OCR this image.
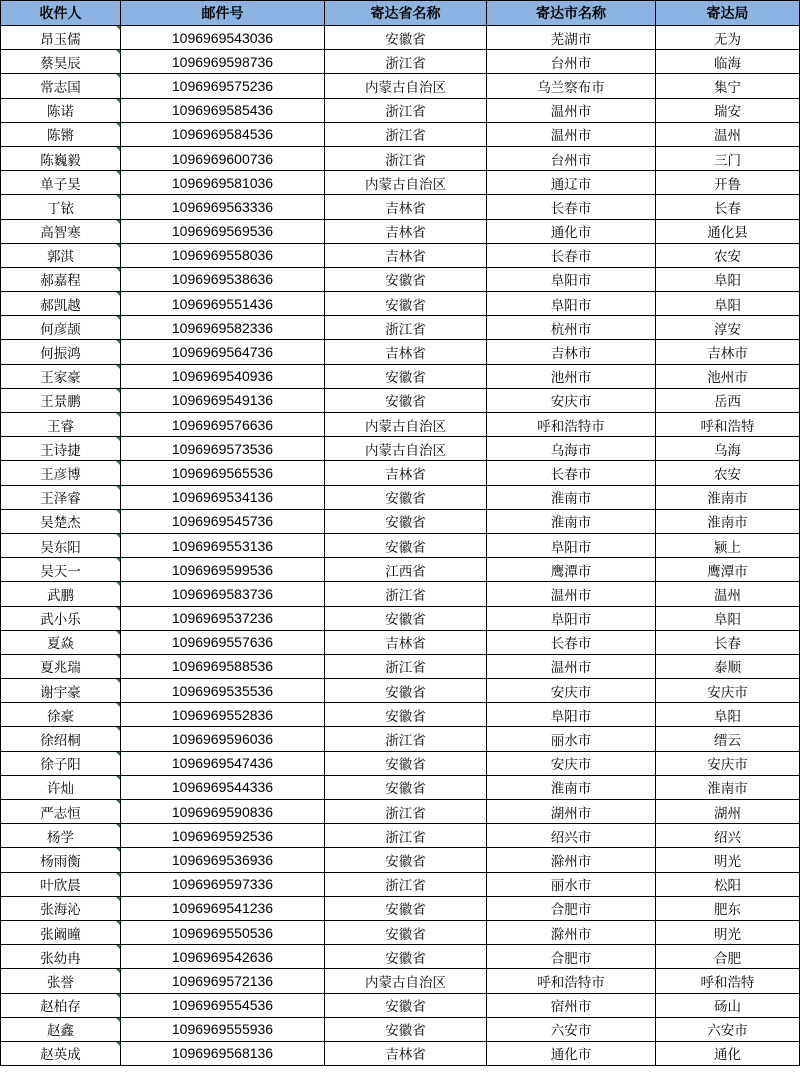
收件人	邮件号	寄达省名称	寄达市名称	寄达局
昂玉儒	1096969543036	安徽省	芜湖市	无为
蔡昊辰	1096969598736	浙江省	台州市	临海
常志国	1096969575236	内蒙古自治区	乌兰察布市	集宁
陈诺	1096969585436	浙江省	温州市	瑞安
陈锵	1096969584536	浙江省	温州市	温州
陈巍毅	1096969600736	浙江省	台州市	三门
单子昊	1096969581036	内蒙古自治区	通辽市	开鲁
丁铱	1096969563336	吉林省	长春市	长春
高智寒	1096969569536	吉林省	通化市	通化县
郭淇	1096969558036	吉林省	长春市	农安
郝嘉程	1096969538636	安徽省	阜阳市	阜阳
郝凯越	1096969551436	安徽省	阜阳市	阜阳
何彦颉	1096969582336	浙江省	杭州市	淳安
何振鸿	1096969564736	吉林省	吉林市	吉林市
王家豪	1096969540936	安徽省	池州市	池州市
王景鹏	1096969549136	安徽省	安庆市	岳西
王睿	1096969576636	内蒙古自治区	呼和浩特市	呼和浩特
王诗捷	1096969573536	内蒙古自治区	乌海市	乌海
王彦博	1096969565536	吉林省	长春市	农安
王泽睿	1096969534136	安徽省	淮南市	淮南市
吴楚杰	1096969545736	安徽省	淮南市	淮南市
吴东阳	1096969553136	安徽省	阜阳市	颍上
吴天一	1096969599536	江西省	鹰潭市	鹰潭市
武鹏	1096969583736	浙江省	温州市	温州
武小乐	1096969537236	安徽省	阜阳市	阜阳
夏焱	1096969557636	吉林省	长春市	长春
夏兆瑞	1096969588536	浙江省	温州市	泰顺
谢宇豪	1096969535536	安徽省	安庆市	安庆市
徐豪	1096969552836	安徽省	阜阳市	阜阳
徐绍桐	1096969596036	浙江省	丽水市	缙云
徐子阳	1096969547436	安徽省	安庆市	安庆市
许灿	1096969544336	安徽省	淮南市	淮南市
严志恒	1096969590836	浙江省	湖州市	湖州
杨学	1096969592536	浙江省	绍兴市	绍兴
杨雨衡	1096969536936	安徽省	滁州市	明光
叶欣晨	1096969597336	浙江省	丽水市	松阳
张海沁	1096969541236	安徽省	合肥市	肥东
张阚曈	1096969550536	安徽省	滁州市	明光
张幼冉	1096969542636	安徽省	合肥市	合肥
张誉	1096969572136	内蒙古自治区	呼和浩特市	呼和浩特
赵柏存	1096969554536	安徽省	宿州市	砀山
赵鑫	1096969555936	安徽省	六安市	六安市
赵英成	1096969568136	吉林省	通化市	通化
